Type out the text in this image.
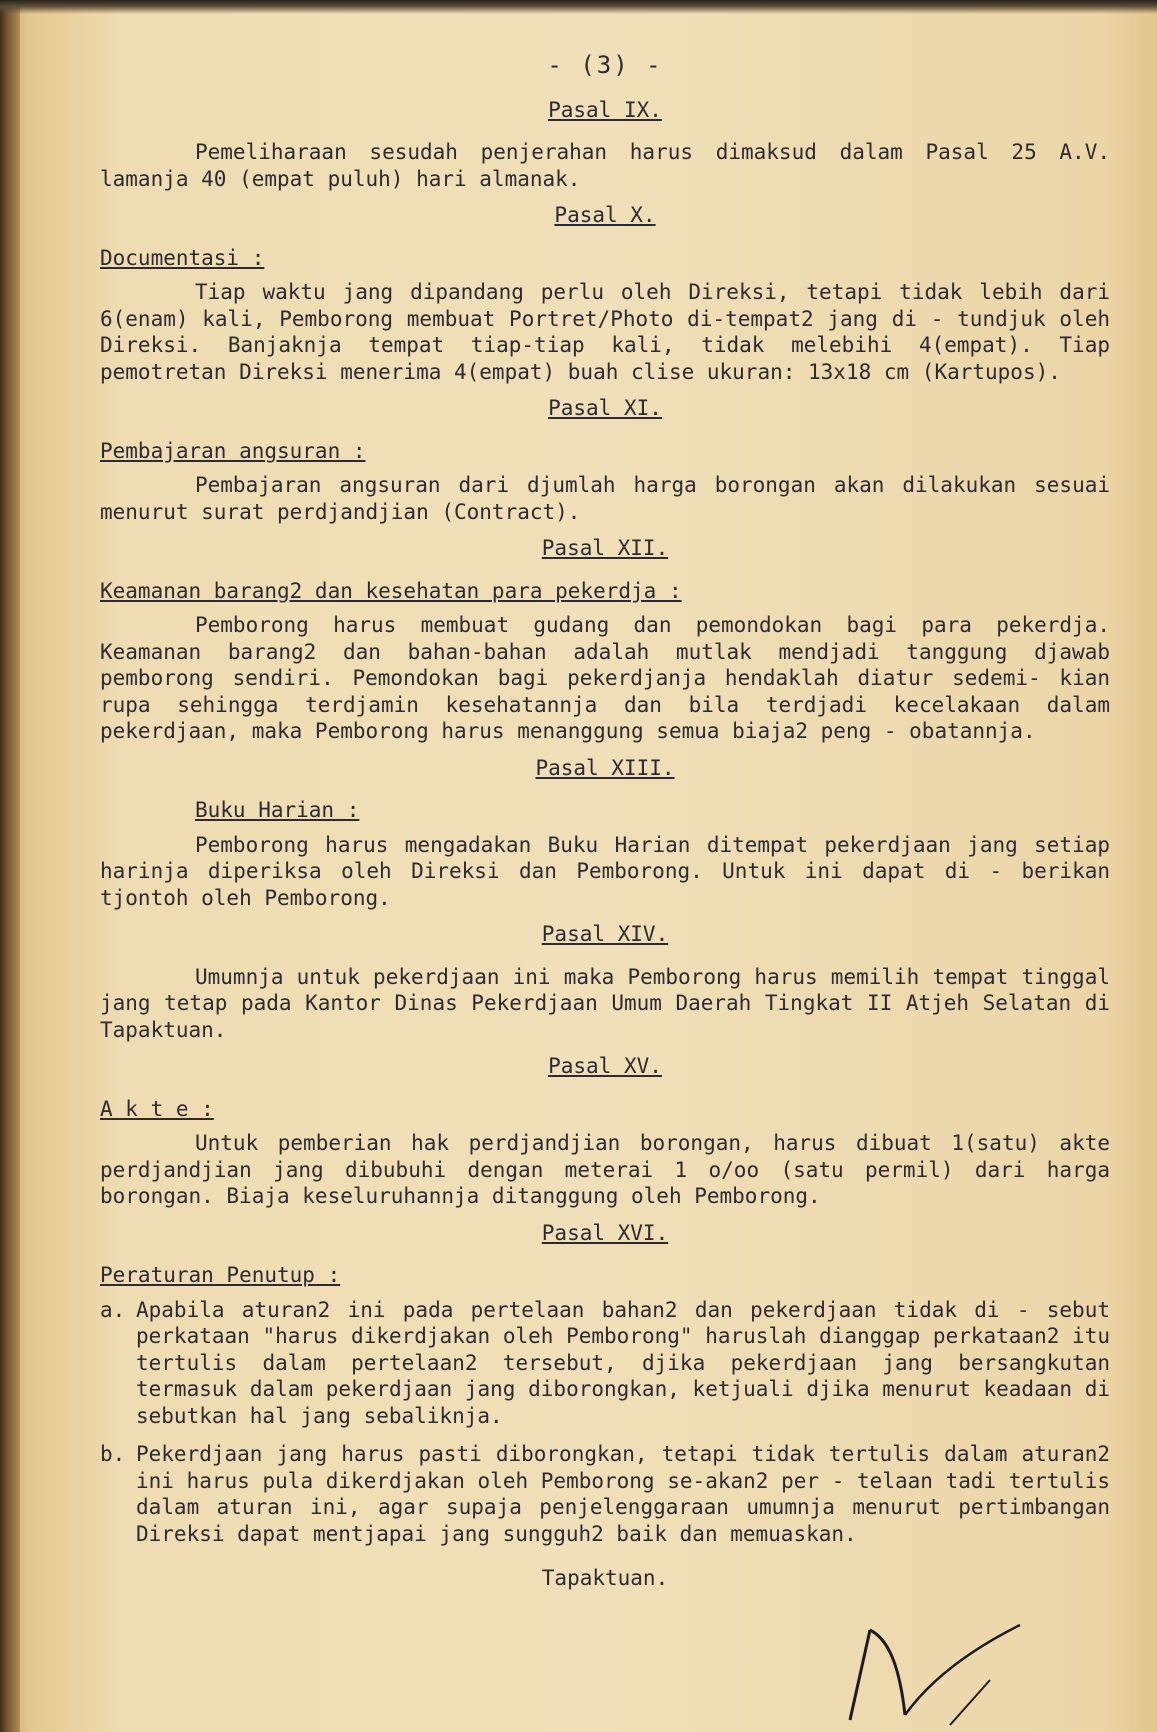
- (3) -
Pasal IX.

Pemeliharaan sesudah penjerahan harus dimaksud dalam Pasal 25 A.V. lamanja 40 (empat puluh) hari almanak.

Pasal X.
Documentasi :

Tiap waktu jang dipandang perlu oleh Direksi, tetapi tidak lebih dari 6(enam) kali, Pemborong membuat Portret/Photo di-tempat2 jang di - tundjuk oleh Direksi. Banjaknja tempat tiap-tiap kali, tidak melebihi 4(empat). Tiap pemotretan Direksi menerima 4(empat) buah clise ukuran: 13x18 cm (Kartupos).

Pasal XI.
Pembajaran angsuran :

Pembajaran angsuran dari djumlah harga borongan akan dilakukan sesuai menurut surat perdjandjian (Contract).

Pasal XII.
Keamanan barang2 dan kesehatan para pekerdja :

Pemborong harus membuat gudang dan pemondokan bagi para pekerdja. Keamanan barang2 dan bahan-bahan adalah mutlak mendjadi tanggung djawab pemborong sendiri. Pemondokan bagi pekerdjanja hendaklah diatur sedemi- kian rupa sehingga terdjamin kesehatannja dan bila terdjadi kecelakaan dalam pekerdjaan, maka Pemborong harus menanggung semua biaja2 peng - obatannja.

Pasal XIII.
Buku Harian :

Pemborong harus mengadakan Buku Harian ditempat pekerdjaan jang setiap harinja diperiksa oleh Direksi dan Pemborong. Untuk ini dapat di - berikan tjontoh oleh Pemborong.

Pasal XIV.

Umumnja untuk pekerdjaan ini maka Pemborong harus memilih tempat tinggal jang tetap pada Kantor Dinas Pekerdjaan Umum Daerah Tingkat II Atjeh Selatan di Tapaktuan.

Pasal XV.
A k t e :

Untuk pemberian hak perdjandjian borongan, harus dibuat 1(satu) akte perdjandjian jang dibubuhi dengan meterai 1 o/oo (satu permil) dari harga borongan. Biaja keseluruhannja ditanggung oleh Pemborong.

Pasal XVI.
Peraturan Penutup :
a. Apabila aturan2 ini pada pertelaan bahan2 dan pekerdjaan tidak di - sebut perkataan "harus dikerdjakan oleh Pemborong" haruslah dianggap perkataan2 itu tertulis dalam pertelaan2 tersebut, djika pekerdjaan jang bersangkutan termasuk dalam pekerdjaan jang diborongkan, ketjuali djika menurut keadaan di sebutkan hal jang sebaliknja.
b. Pekerdjaan jang harus pasti diborongkan, tetapi tidak tertulis dalam aturan2 ini harus pula dikerdjakan oleh Pemborong se-akan2 per - telaan tadi tertulis dalam aturan ini, agar supaja penjelenggaraan umumnja menurut pertimbangan Direksi dapat mentjapai jang sungguh2 baik dan memuaskan.
Tapaktuan.
